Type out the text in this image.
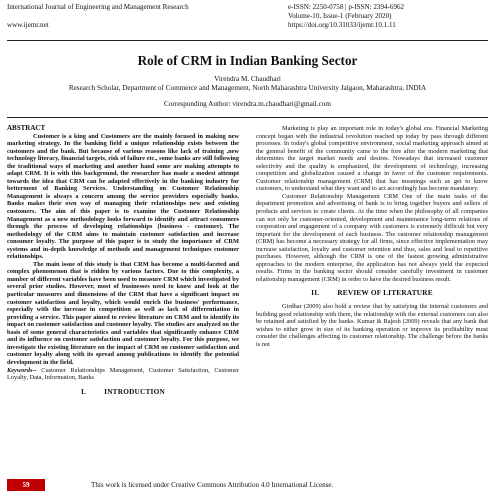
International Journal of Engineering and Management Research
www.ijemr.net
e-ISSN: 2250-0758 | p-ISSN: 2394-6962
Volume-10, Issue-1 (February 2020)
https://doi.org/10.31033/ijemr.10.1.11
Role of CRM in Indian Banking Sector
Virendra M. Chaudhari
Research Scholar, Department of Commerce and Management, North Maharashtra University Jalgaon, Maharashtra, INDIA
Corresponding Author: virendra.m.chaudhari@gmail.com
ABSTRACT

Customer is a king and Customers are the mainly focused in making new marketing strategy. In the banking field a unique relationship exists between the customers and the bank. But because of various reasons like lack of training ,new technology literacy, financial targets, risk of failure etc., some banks are still following the traditional ways of marketing and another hand some are making attempts to adapt CRM. It is with this background, the researcher has made a modest attempt towards the idea that CRM can be adapted effectively in the banking industry for betterment of Banking Services. Understanding on Customer Relationship Management is always a concern among the service providers especially banks. Banks makes their own way of managing their relationships new and existing customers. The aim of this paper is to examine the Customer Relationship Management as a new methodology looks forward to identify and attract consumers through the process of developing relationships (business - customer). The methodology of the CRM aims to maintain customer satisfaction and increase consumer loyalty. The purpose of this paper is to study the importance of CRM systems and in-depth knowledge of methods and management techniques customer relationships.

The main issue of this study is that CRM has become a multi-faceted and complex phenomenon that is ridden by various factors. Due to this complexity, a number of different variables have been used to measure CRM which investigated by several prior studies. However, most of businesses need to know and look at the particular measures and dimensions of the CRM that have a significant impact on customer satisfaction and loyalty, which would enrich the business' performance, especially with the increase in competition as well as lack of differentiation in providing a service. This paper aimed to review literature on CRM and to identify its impact on customer satisfaction and customer loyalty. The studies are analyzed on the basis of some general characteristics and variables that significantly enhance CRM and its influence on customer satisfaction and customer loyalty. For this purpose, we investigate the existing literature on the impact of CRM on customer satisfaction and customer loyalty along with its spread among publications to identify the potential development in the field.

Keywords-- Customer Relationships Management, Customer Satisfaction, Customer Loyalty, Data, Information, Banks

I. INTRODUCTION

Marketing is play an important role in today's global era. Financial Marketing concept began with the industrial revolution reached up today by pass through different processes. In today's global competitive environment, social marketing approach aimed at the general benefit of the community came to the fore after the modern marketing that determines the target market needs and desires. Nowadays that increased customer selectivity and the quality is emphasized, the development of technology, increasing competition and globalization caused a change in favor of the customer requirements. Customer relationship management (CRM) that has meanings such as get to know customers, to understand what they want and to act accordingly has become mandatory.

Customer Relationship Management CRM One of the main tasks of the department promotion and advertising of bank is to bring together buyers and sellers of products and services to create clients. At the time when the philosophy of all companies can not only be customer-oriented, development and maintenance long-term relations of cooperation and engagement of a company with customers is extremely difficult but very important for the development of each business. The customer relationship management (CRM) has become a necessary strategy for all firms, since effective implementation may increase satisfaction, loyalty and customer retention and thus, sales and lead to repetitive purchases. However, although the CRM is one of the fastest growing administrative approaches to the modern enterprise, the application has not always yield the expected results. Firms in the banking sector should consider carefully investment in customer relationship management (CRM) in order to have the desired business result.

II. REVIEW OF LITERATURE

Girdhar (2009) also hold a review that by satisfying the internal customers and building good relationship with them, the relationship with the external customers can also be retained and satisfied by the banks. Kumar & Rajesh (2009) reveals that any bank that wishes to either grow in size of its banking operation or improve its profitability must consider the challenges affecting its customer relationship. The challenge before the banks is not

59	This work is licensed under Creative Commons Attribution 4.0 International License.
